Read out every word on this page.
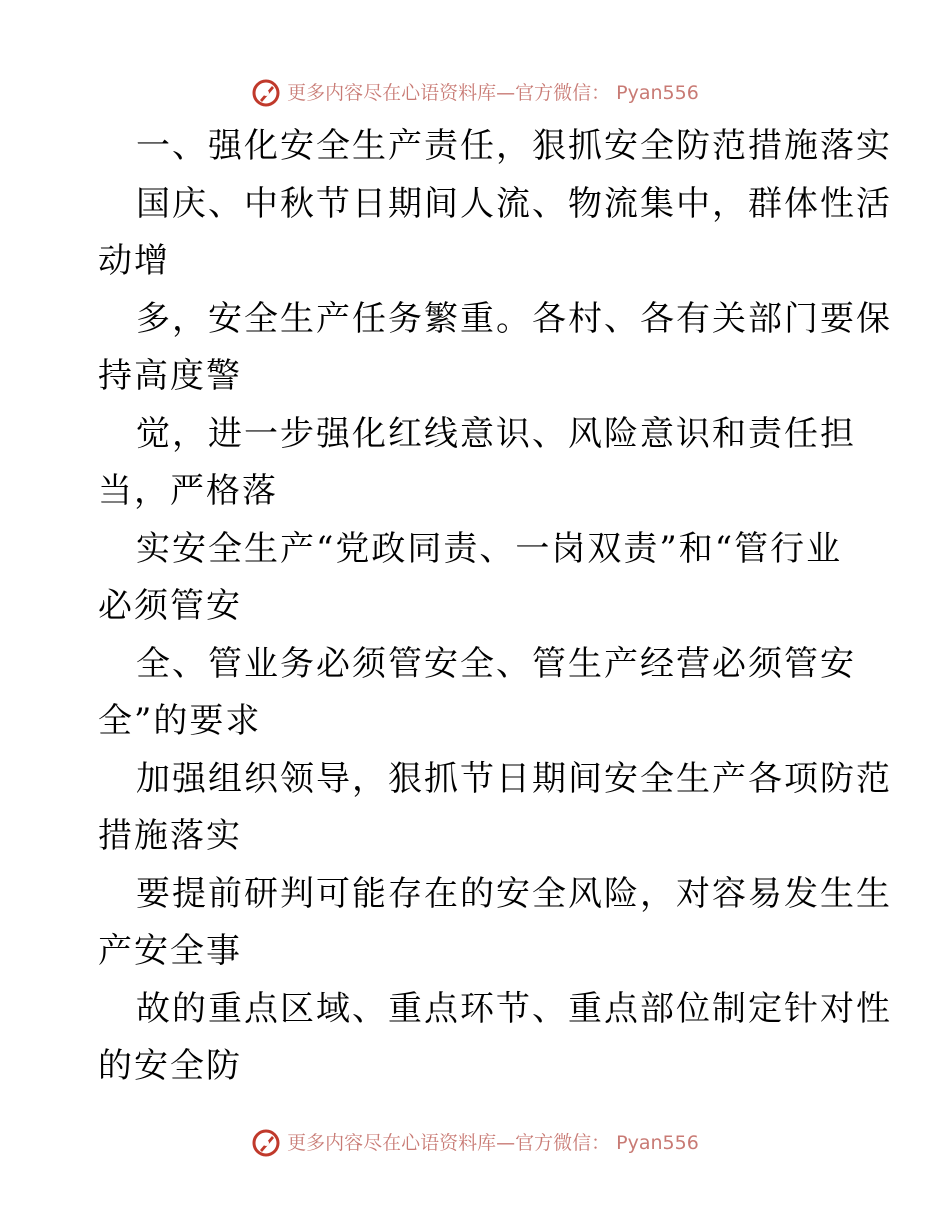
更多内容尽在心语资料库—官方微信： Pyan556
一、强化安全生产责任，狠抓安全防范措施落实
国庆、中秋节日期间人流、物流集中，群体性活
动增
多，安全生产任务繁重。各村、各有关部门要保
持高度警
觉，进一步强化红线意识、风险意识和责任担
当，严格落
实安全生产“党政同责、一岗双责”和“管行业
必须管安
全、管业务必须管安全、管生产经营必须管安
全”的要求
加强组织领导，狠抓节日期间安全生产各项防范
措施落实
要提前研判可能存在的安全风险，对容易发生生
产安全事
故的重点区域、重点环节、重点部位制定针对性
的安全防
更多内容尽在心语资料库—官方微信： Pyan556
